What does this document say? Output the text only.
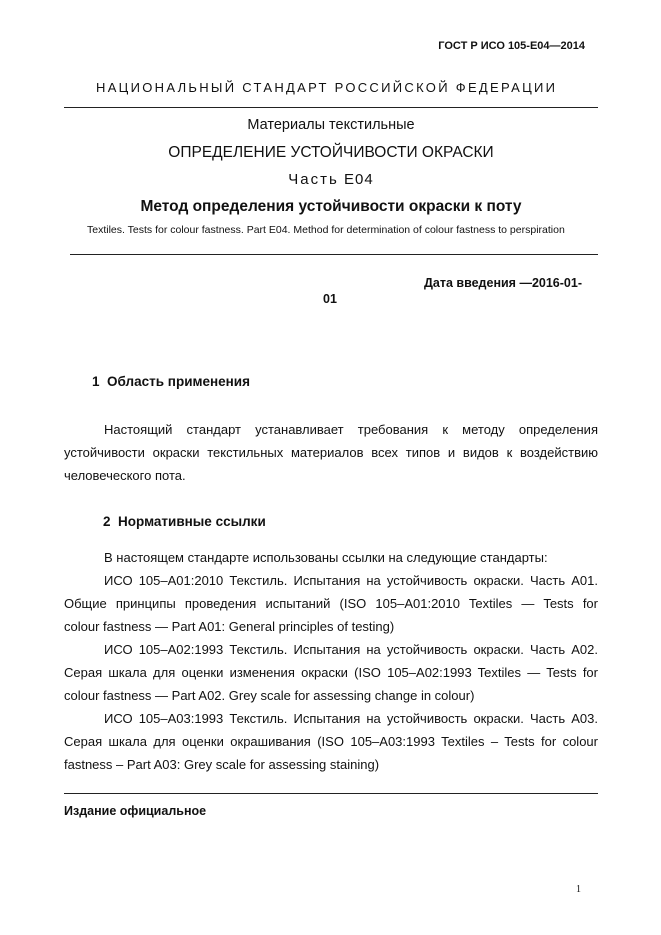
ГОСТ Р ИСО 105-E04—2014
НАЦИОНАЛЬНЫЙ СТАНДАРТ РОССИЙСКОЙ ФЕДЕРАЦИИ
Материалы текстильные
ОПРЕДЕЛЕНИЕ УСТОЙЧИВОСТИ ОКРАСКИ
Часть E04
Метод определения устойчивости окраски к поту
Textiles. Tests for colour fastness. Part E04. Method for determination of colour fastness to perspiration
Дата введения —2016-01-
01
1 Область применения
Настоящий стандарт устанавливает требования к методу определения устойчивости окраски текстильных материалов всех типов и видов к воздействию человеческого пота.
2 Нормативные ссылки
В настоящем стандарте использованы ссылки на следующие стандарты:
ИСО 105–A01:2010 Текстиль. Испытания на устойчивость окраски. Часть A01.
Общие принципы проведения испытаний (ISO 105–A01:2010 Textiles — Tests for
colour fastness — Part A01: General principles of testing)
ИСО 105–A02:1993 Текстиль. Испытания на устойчивость окраски. Часть A02.
Серая шкала для оценки изменения окраски (ISO 105–A02:1993 Textiles — Tests for
colour fastness — Part A02. Grey scale for assessing change in colour)
ИСО 105–A03:1993 Текстиль. Испытания на устойчивость окраски. Часть A03.
Серая шкала для оценки окрашивания (ISO 105–A03:1993 Textiles – Tests for colour
fastness – Part A03: Grey scale for assessing staining)
Издание официальное
1
